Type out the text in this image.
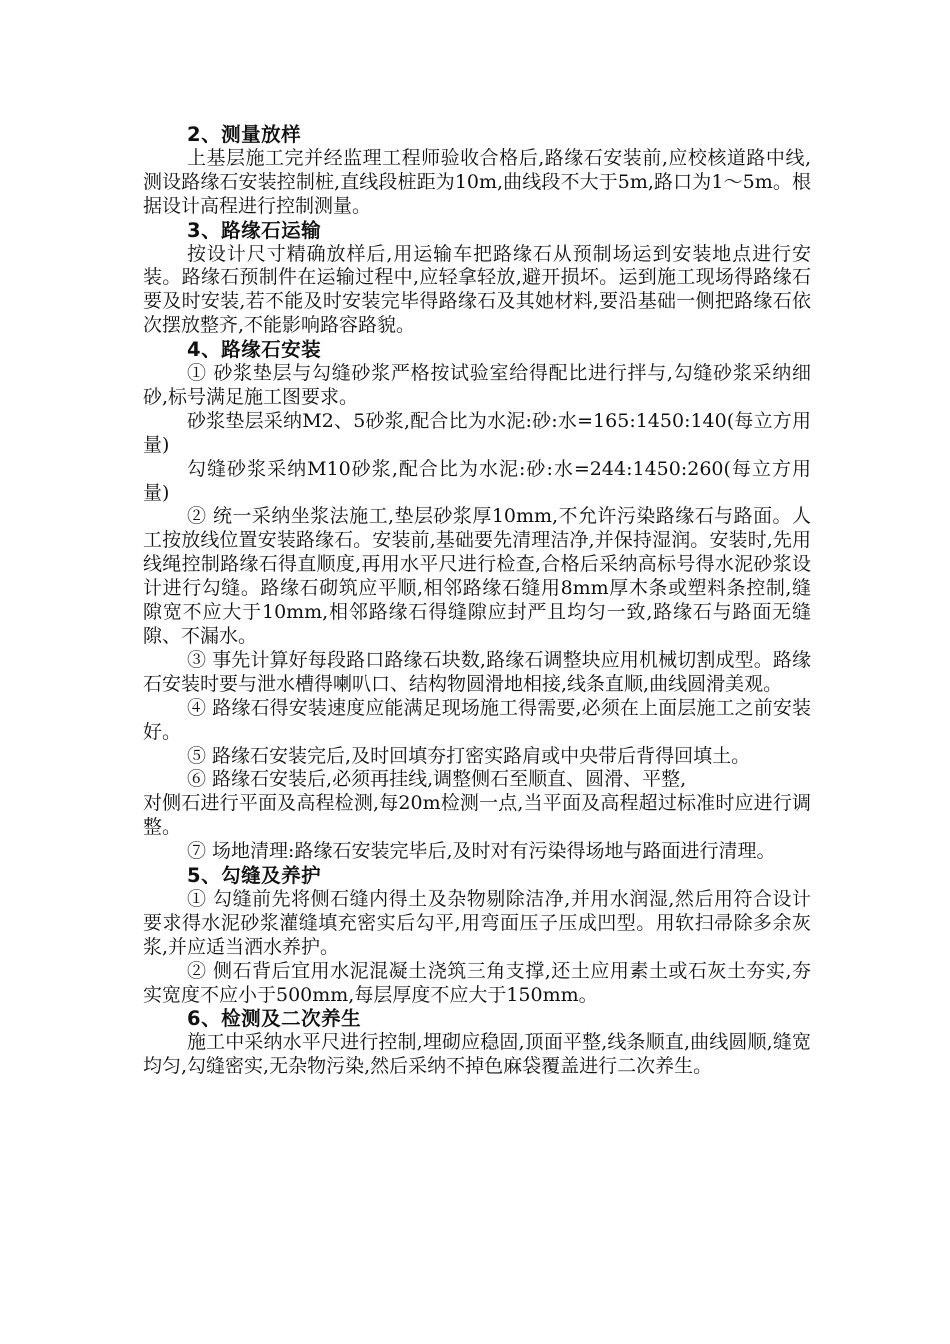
2、测量放样

上基层施工完并经监理工程师验收合格后,路缘石安装前,应校核道路中线,测设路缘石安装控制桩,直线段桩距为10m,曲线段不大于5m,路口为1～5m。根据设计高程进行控制测量。

3、路缘石运输

按设计尺寸精确放样后,用运输车把路缘石从预制场运到安装地点进行安装。路缘石预制件在运输过程中,应轻拿轻放,避开损坏。运到施工现场得路缘石要及时安装,若不能及时安装完毕得路缘石及其她材料,要沿基础一侧把路缘石依次摆放整齐,不能影响路容路貌。

4、路缘石安装

① 砂浆垫层与勾缝砂浆严格按试验室给得配比进行拌与,勾缝砂浆采纳细砂,标号满足施工图要求。

砂浆垫层采纳M2、5砂浆,配合比为水泥:砂:水=165:1450:140(每立方用量)

勾缝砂浆采纳M10砂浆,配合比为水泥:砂:水=244:1450:260(每立方用量)

② 统一采纳坐浆法施工,垫层砂浆厚10mm,不允许污染路缘石与路面。人工按放线位置安装路缘石。安装前,基础要先清理洁净,并保持湿润。安装时,先用线绳控制路缘石得直顺度,再用水平尺进行检查,合格后采纳高标号得水泥砂浆设计进行勾缝。路缘石砌筑应平顺,相邻路缘石缝用8mm厚木条或塑料条控制,缝隙宽不应大于10mm,相邻路缘石得缝隙应封严且均匀一致,路缘石与路面无缝隙、不漏水。

③ 事先计算好每段路口路缘石块数,路缘石调整块应用机械切割成型。路缘石安装时要与泄水槽得喇叭口、结构物圆滑地相接,线条直顺,曲线圆滑美观。

④ 路缘石得安装速度应能满足现场施工得需要,必须在上面层施工之前安装好。

⑤ 路缘石安装完后,及时回填夯打密实路肩或中央带后背得回填土。

⑥ 路缘石安装后,必须再挂线,调整侧石至顺直、圆滑、平整,

对侧石进行平面及高程检测,每20m检测一点,当平面及高程超过标准时应进行调整。

⑦ 场地清理:路缘石安装完毕后,及时对有污染得场地与路面进行清理。

5、勾缝及养护

① 勾缝前先将侧石缝内得土及杂物剔除洁净,并用水润湿,然后用符合设计要求得水泥砂浆灌缝填充密实后勾平,用弯面压子压成凹型。用软扫帚除多余灰浆,并应适当洒水养护。

② 侧石背后宜用水泥混凝土浇筑三角支撑,还土应用素土或石灰土夯实,夯实宽度不应小于500mm,每层厚度不应大于150mm。

6、检测及二次养生

施工中采纳水平尺进行控制,埋砌应稳固,顶面平整,线条顺直,曲线圆顺,缝宽均匀,勾缝密实,无杂物污染,然后采纳不掉色麻袋覆盖进行二次养生。
